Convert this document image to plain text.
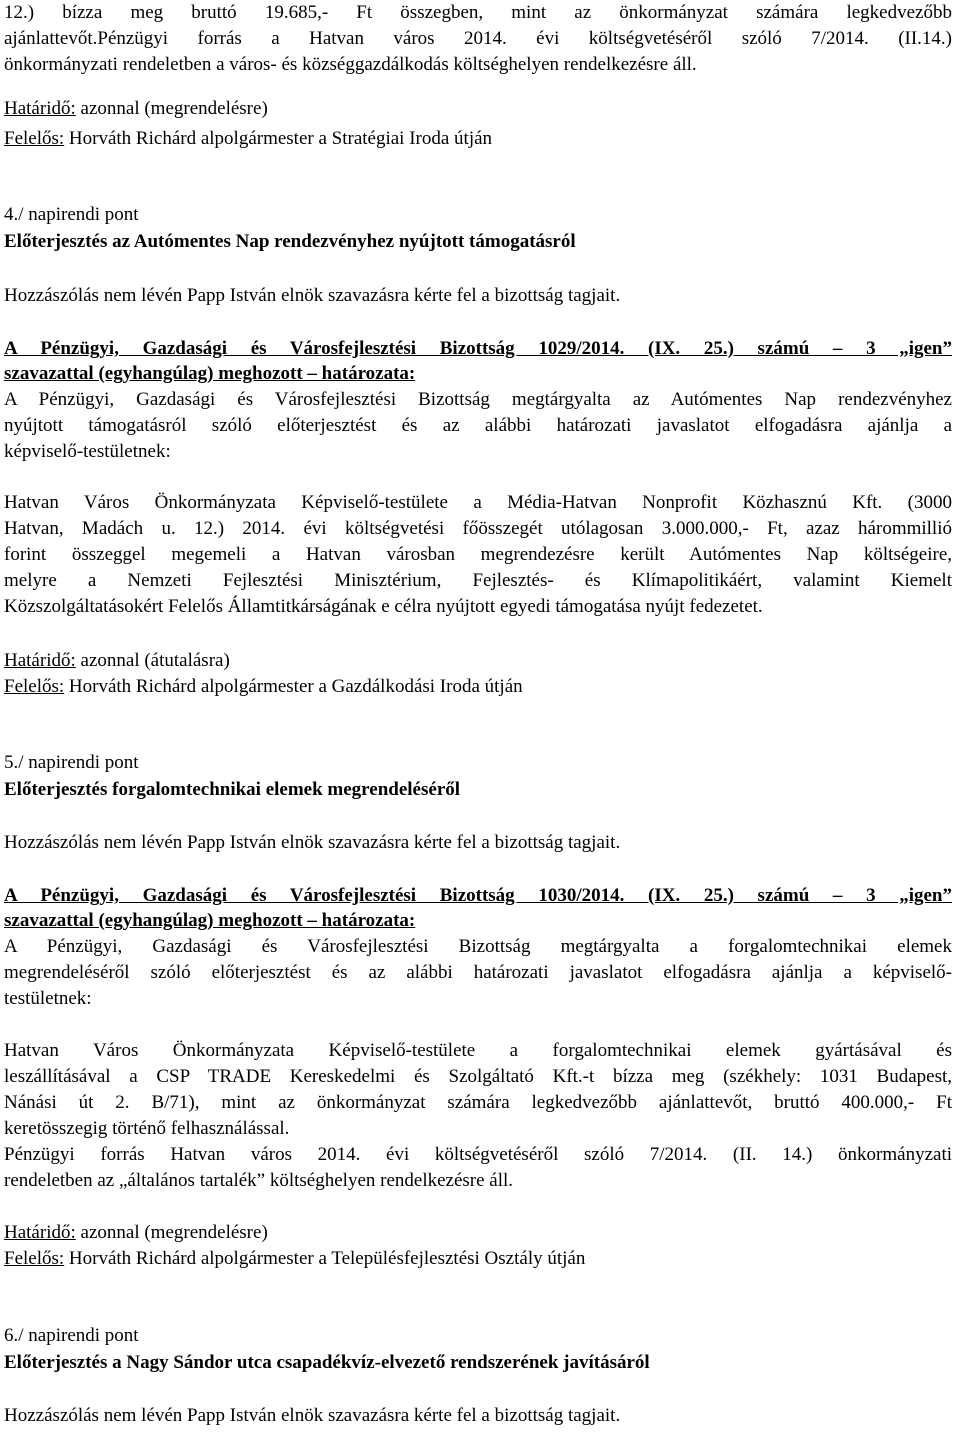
12.) bízza meg bruttó 19.685,- Ft összegben, mint az önkormányzat számára legkedvezőbb
ajánlattevőt.Pénzügyi forrás a Hatvan város 2014. évi költségvetéséről szóló 7/2014. (II.14.)
önkormányzati rendeletben a város- és községgazdálkodás költséghelyen rendelkezésre áll.
Határidő: azonnal (megrendelésre)
Felelős: Horváth Richárd alpolgármester a Stratégiai Iroda útján
4./ napirendi pont
Előterjesztés az Autómentes Nap rendezvényhez nyújtott támogatásról
Hozzászólás nem lévén Papp István elnök szavazásra kérte fel a bizottság tagjait.
A Pénzügyi, Gazdasági és Városfejlesztési Bizottság 1029/2014. (IX. 25.) számú – 3 „igen”
szavazattal (egyhangúlag) meghozott – határozata:
A Pénzügyi, Gazdasági és Városfejlesztési Bizottság megtárgyalta az Autómentes Nap rendezvényhez
nyújtott támogatásról szóló előterjesztést és az alábbi határozati javaslatot elfogadásra ajánlja a
képviselő-testületnek:
Hatvan Város Önkormányzata Képviselő-testülete a Média-Hatvan Nonprofit Közhasznú Kft. (3000
Hatvan, Madách u. 12.) 2014. évi költségvetési főösszegét utólagosan 3.000.000,- Ft, azaz hárommillió
forint összeggel megemeli a Hatvan városban megrendezésre került Autómentes Nap költségeire,
melyre a Nemzeti Fejlesztési Minisztérium, Fejlesztés- és Klímapolitikáért, valamint Kiemelt
Közszolgáltatásokért Felelős Államtitkárságának e célra nyújtott egyedi támogatása nyújt fedezetet.
Határidő: azonnal (átutalásra)
Felelős: Horváth Richárd alpolgármester a Gazdálkodási Iroda útján
5./ napirendi pont
Előterjesztés forgalomtechnikai elemek megrendeléséről
Hozzászólás nem lévén Papp István elnök szavazásra kérte fel a bizottság tagjait.
A Pénzügyi, Gazdasági és Városfejlesztési Bizottság 1030/2014. (IX. 25.) számú – 3 „igen”
szavazattal (egyhangúlag) meghozott – határozata:
A Pénzügyi, Gazdasági és Városfejlesztési Bizottság megtárgyalta a forgalomtechnikai elemek
megrendeléséről szóló előterjesztést és az alábbi határozati javaslatot elfogadásra ajánlja a képviselő-
testületnek:
Hatvan Város Önkormányzata Képviselő-testülete a forgalomtechnikai elemek gyártásával és
leszállításával a CSP TRADE Kereskedelmi és Szolgáltató Kft.-t bízza meg (székhely: 1031 Budapest,
Nánási út 2. B/71), mint az önkormányzat számára legkedvezőbb ajánlattevőt, bruttó 400.000,- Ft
keretösszegig történő felhasználással.
Pénzügyi forrás Hatvan város 2014. évi költségvetéséről szóló 7/2014. (II. 14.) önkormányzati
rendeletben az „általános tartalék” költséghelyen rendelkezésre áll.
Határidő: azonnal (megrendelésre)
Felelős: Horváth Richárd alpolgármester a Településfejlesztési Osztály útján
6./ napirendi pont
Előterjesztés a Nagy Sándor utca csapadékvíz-elvezető rendszerének javításáról
Hozzászólás nem lévén Papp István elnök szavazásra kérte fel a bizottság tagjait.
